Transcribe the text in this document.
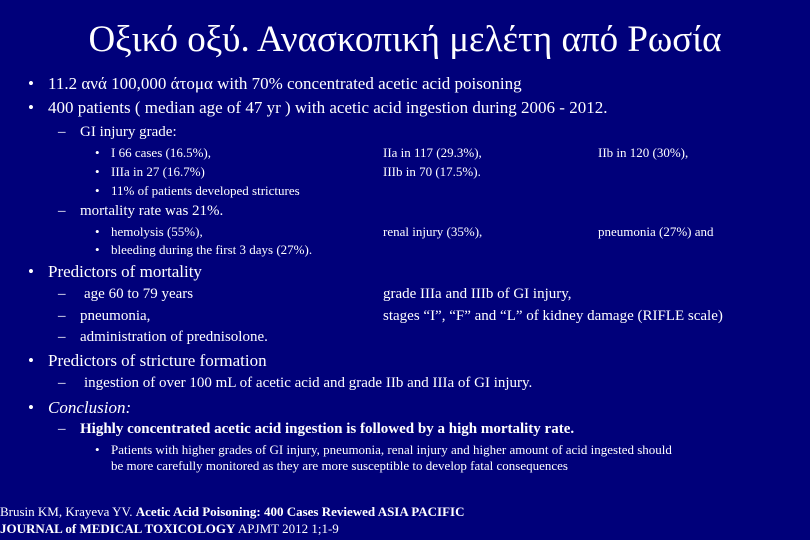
Οξικό οξύ. Ανασκοπική μελέτη από Ρωσία
• 11.2 ανά 100,000 άτομα with 70% concentrated acetic acid poisoning
• 400 patients ( median age of 47 yr ) with acetic acid ingestion during 2006 - 2012.
– GI injury grade:
• I 66 cases (16.5%),	IIa in 117 (29.3%),	IIb in 120 (30%),
• IIIa in 27 (16.7%)	IIIb in 70 (17.5%).
• 11% of patients developed strictures
– mortality rate was 21%.
• hemolysis (55%),	renal injury (35%),	pneumonia (27%) and
• bleeding during the first 3 days (27%).
• Predictors of mortality
– age 60 to 79 years	grade IIIa and IIIb of GI injury,
– pneumonia,	stages “I”, “F” and “L” of kidney damage (RIFLE scale)
– administration of prednisolone.
• Predictors of stricture formation
– ingestion of over 100 mL of acetic acid and grade IIb and IIIa of GI injury.
• Conclusion:
– Highly concentrated acetic acid ingestion is followed by a high mortality rate.
• Patients with higher grades of GI injury, pneumonia, renal injury and higher amount of acid ingested should
be more carefully monitored as they are more susceptible to develop fatal consequences
Brusin KM, Krayeva YV. Acetic Acid Poisoning: 400 Cases Reviewed ASIA PACIFIC
JOURNAL of MEDICAL TOXICOLOGY APJMT 2012 1;1-9
